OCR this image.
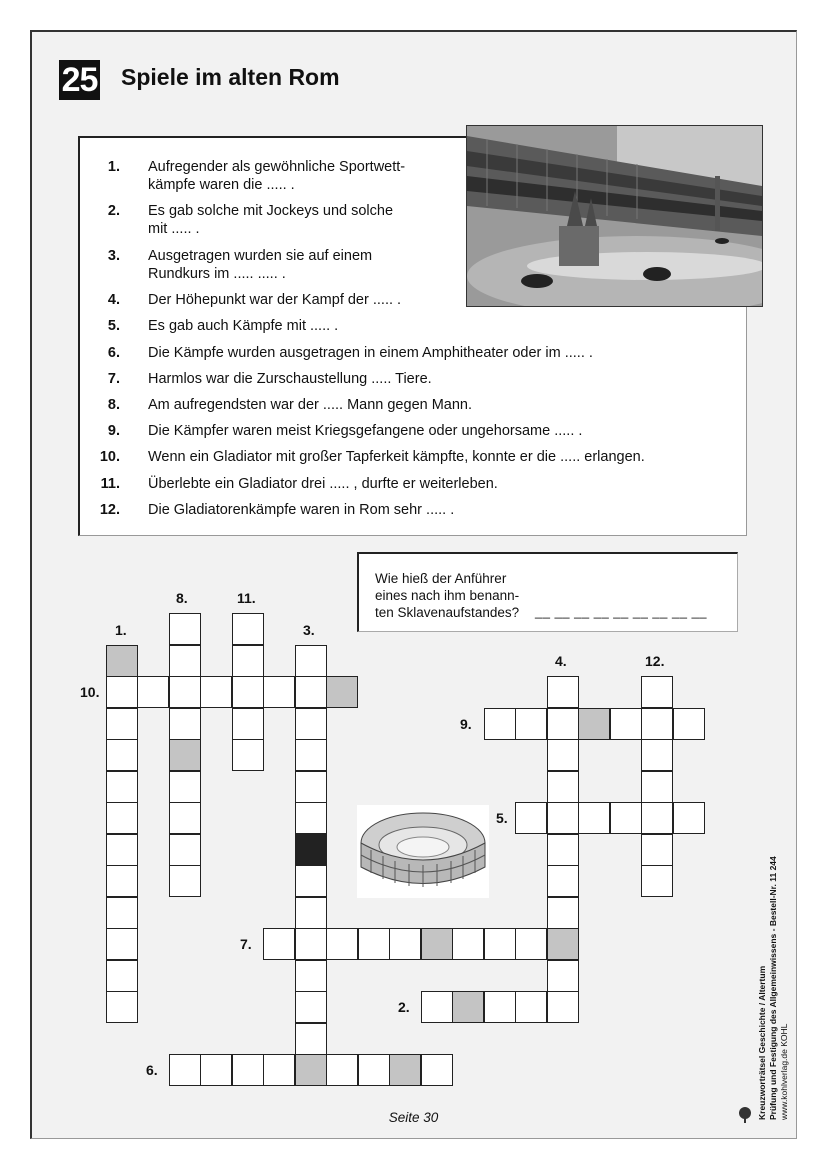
25 Spiele im alten Rom
1. Aufregender als gewöhnliche Sportwett-
kämpfe waren die ..... .
2. Es gab solche mit Jockeys und solche
mit ..... .
3. Ausgetragen wurden sie auf einem
Rundkurs im ..... ..... .
4. Der Höhepunkt war der Kampf der ..... .
5. Es gab auch Kämpfe mit ..... .
6. Die Kämpfe wurden ausgetragen in einem Amphitheater oder im ..... .
7. Harmlos war die Zurschaustellung ..... Tiere.
8. Am aufregendsten war der ..... Mann gegen Mann.
9. Die Kämpfer waren meist Kriegsgefangene oder ungehorsame ..... .
10. Wenn ein Gladiator mit großer Tapferkeit kämpfte, konnte er die ..... erlangen.
11. Überlebte ein Gladiator drei ..... , durfte er weiterleben.
12. Die Gladiatorenkämpfe waren in Rom sehr ..... .
Wie hieß der Anführer
eines nach ihm benann-
ten Sklavenaufstandes? __ __ __ __ __ __ __ __ __
1.
8.	11.
3.
10.
4.	12.
9.
5.
7.
2.
6.
Seite 30	Kreuzworträtsel Geschichte / Altertum Prüfung und Festigung des Allgemeinwissens - Bestell-Nr. 11 244
www.kohlverlag.de KOHL
